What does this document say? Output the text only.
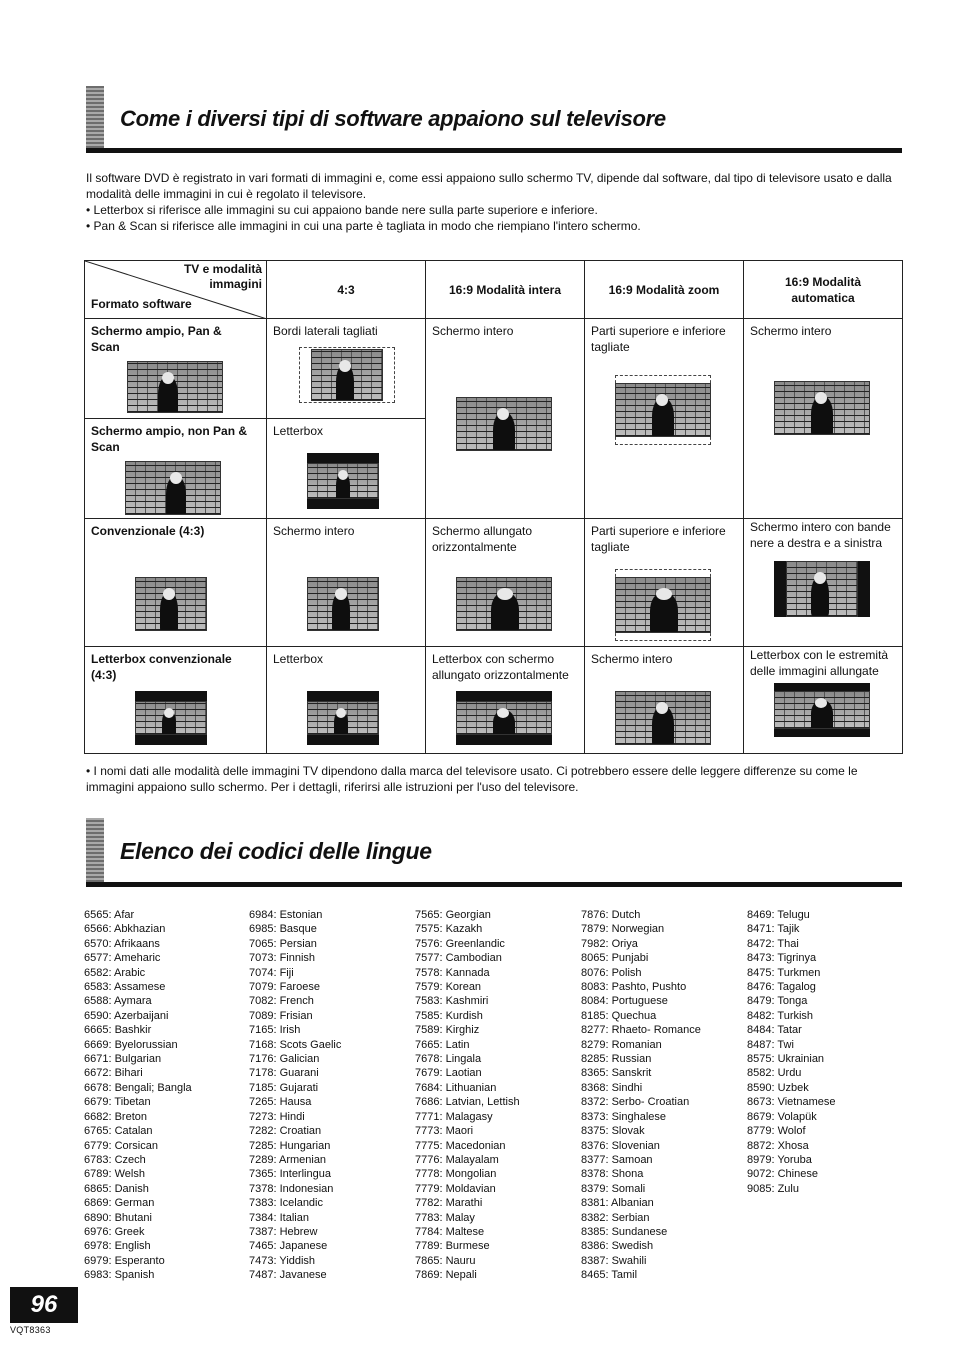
Come i diversi tipi di software appaiono sul televisore

Il software DVD è registrato in vari formati di immagini e, come essi appaiono sullo schermo TV, dipende dal software, dal tipo di televisore usato e dalla modalità delle immagini in cui è regolato il televisore.

• Letterbox si riferisce alle immagini su cui appaiono bande nere sulla parte superiore e inferiore.

• Pan & Scan si riferisce alle immagini in cui una parte è tagliata in modo che riempiano l'intero schermo.

TV e modalità
immagini
Formato software	4:3	16:9 Modalità intera	16:9 Modalità zoom	16:9 Modalità automatica

Schermo ampio, Pan & Scan	Bordi laterali tagliati	Schermo intero	Parti superiore e inferiore tagliate	Schermo intero

Schermo ampio, non Pan & Scan	Letterbox			

Convenzionale (4:3)	Schermo intero	Schermo allungato orizzontalmente	Parti superiore e inferiore tagliate	Schermo intero con bande nere a destra e a sinistra

Letterbox convenzionale (4:3)	Letterbox	Letterbox con schermo allungato orizzontalmente	Schermo intero	Letterbox con le estremità delle immagini allungate
• I nomi dati alle modalità delle immagini TV dipendono dalla marca del televisore usato. Ci potrebbero essere delle leggere differenze su come le immagini appaiono sullo schermo. Per i dettagli, riferirsi alle istruzioni per l'uso del televisore.
Elenco dei codici delle lingue
6565: Afar
6566: Abkhazian
6570: Afrikaans
6577: Ameharic
6582: Arabic
6583: Assamese
6588: Aymara
6590: Azerbaijani
6665: Bashkir
6669: Byelorussian
6671: Bulgarian
6672: Bihari
6678: Bengali; Bangla
6679: Tibetan
6682: Breton
6765: Catalan
6779: Corsican
6783: Czech
6789: Welsh
6865: Danish
6869: German
6890: Bhutani
6976: Greek
6978: English
6979: Esperanto
6983: Spanish
6984: Estonian
6985: Basque
7065: Persian
7073: Finnish
7074: Fiji
7079: Faroese
7082: French
7089: Frisian
7165: Irish
7168: Scots Gaelic
7176: Galician
7178: Guarani
7185: Gujarati
7265: Hausa
7273: Hindi
7282: Croatian
7285: Hungarian
7289: Armenian
7365: Interlingua
7378: Indonesian
7383: Icelandic
7384: Italian
7387: Hebrew
7465: Japanese
7473: Yiddish
7487: Javanese
7565: Georgian
7575: Kazakh
7576: Greenlandic
7577: Cambodian
7578: Kannada
7579: Korean
7583: Kashmiri
7585: Kurdish
7589: Kirghiz
7665: Latin
7678: Lingala
7679: Laotian
7684: Lithuanian
7686: Latvian, Lettish
7771: Malagasy
7773: Maori
7775: Macedonian
7776: Malayalam
7778: Mongolian
7779: Moldavian
7782: Marathi
7783: Malay
7784: Maltese
7789: Burmese
7865: Nauru
7869: Nepali
7876: Dutch
7879: Norwegian
7982: Oriya
8065: Punjabi
8076: Polish
8083: Pashto, Pushto
8084: Portuguese
8185: Quechua
8277: Rhaeto- Romance
8279: Romanian
8285: Russian
8365: Sanskrit
8368: Sindhi
8372: Serbo- Croatian
8373: Singhalese
8375: Slovak
8376: Slovenian
8377: Samoan
8378: Shona
8379: Somali
8381: Albanian
8382: Serbian
8385: Sundanese
8386: Swedish
8387: Swahili
8465: Tamil
8469: Telugu
8471: Tajik
8472: Thai
8473: Tigrinya
8475: Turkmen
8476: Tagalog
8479: Tonga
8482: Turkish
8484: Tatar
8487: Twi
8575: Ukrainian
8582: Urdu
8590: Uzbek
8673: Vietnamese
8679: Volapük
8779: Wolof
8872: Xhosa
8979: Yoruba
9072: Chinese
9085: Zulu
96
VQT8363
